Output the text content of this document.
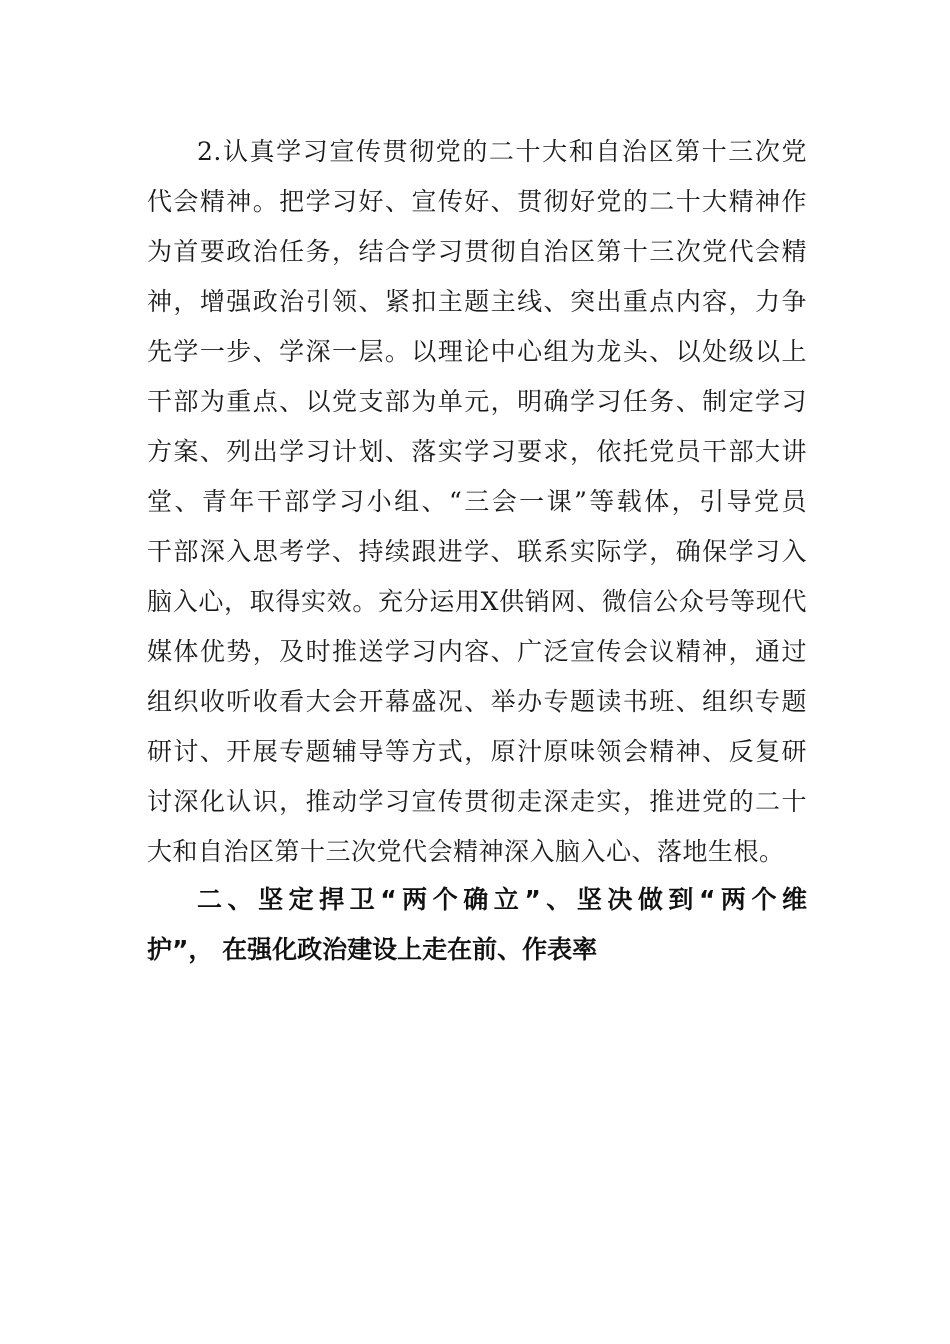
2.认真学习宣传贯彻党的二十大和自治区第十三次党
代会精神。把学习好、宣传好、贯彻好党的二十大精神作
为首要政治任务，结合学习贯彻自治区第十三次党代会精
神，增强政治引领、紧扣主题主线、突出重点内容，力争
先学一步、学深一层。以理论中心组为龙头、以处级以上
干部为重点、以党支部为单元，明确学习任务、制定学习
方案、列出学习计划、落实学习要求，依托党员干部大讲
堂、青年干部学习小组、“三会一课”等载体，引导党员
干部深入思考学、持续跟进学、联系实际学，确保学习入
脑入心，取得实效。充分运用X供销网、微信公众号等现代
媒体优势，及时推送学习内容、广泛宣传会议精神，通过
组织收听收看大会开幕盛况、举办专题读书班、组织专题
研讨、开展专题辅导等方式，原汁原味领会精神、反复研
讨深化认识，推动学习宣传贯彻走深走实，推进党的二十
大和自治区第十三次党代会精神深入脑入心、落地生根。
二、坚定捍卫“两个确立”、坚决做到“两个维
护”， 在强化政治建设上走在前、作表率
